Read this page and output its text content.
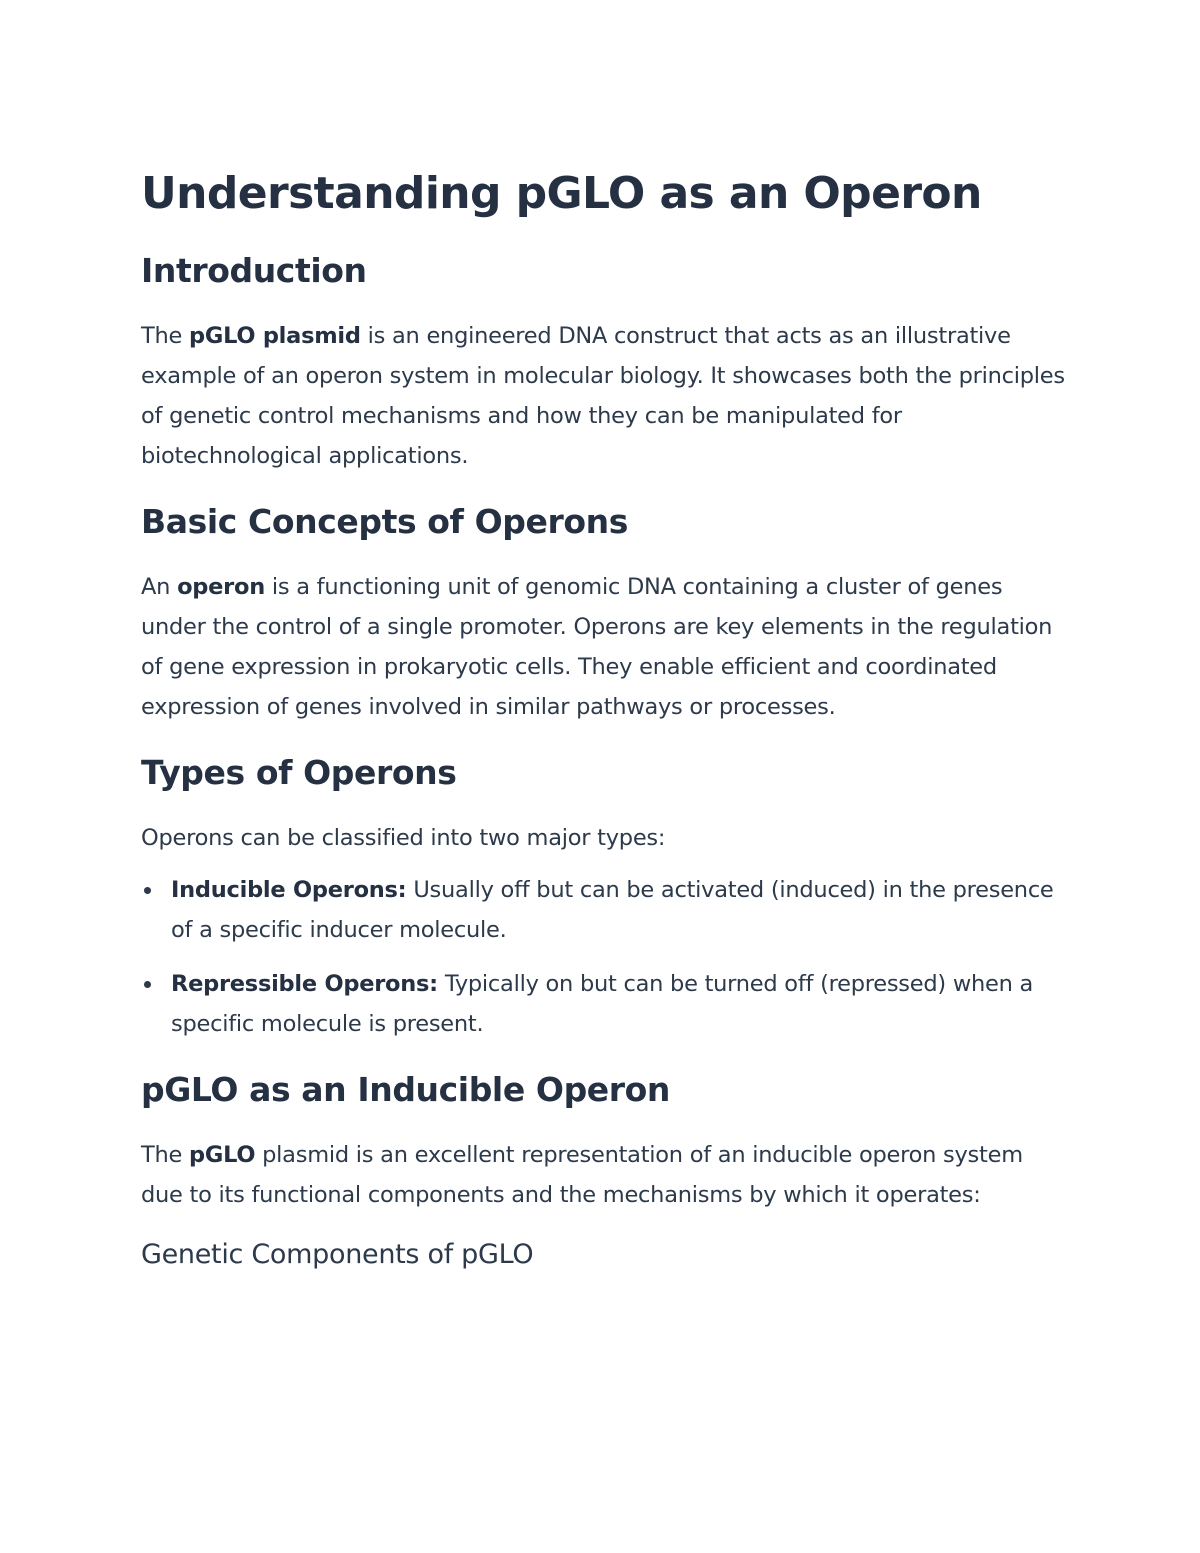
Understanding pGLO as an Operon
Introduction

The pGLO plasmid is an engineered DNA construct that acts as an illustrative example of an operon system in molecular biology. It showcases both the principles of genetic control mechanisms and how they can be manipulated for biotechnological applications.

Basic Concepts of Operons

An operon is a functioning unit of genomic DNA containing a cluster of genes under the control of a single promoter. Operons are key elements in the regulation of gene expression in prokaryotic cells. They enable efficient and coordinated expression of genes involved in similar pathways or processes.

Types of Operons

Operons can be classified into two major types:

Inducible Operons: Usually off but can be activated (induced) in the presence of a specific inducer molecule.
Repressible Operons: Typically on but can be turned off (repressed) when a specific molecule is present.
pGLO as an Inducible Operon

The pGLO plasmid is an excellent representation of an inducible operon system due to its functional components and the mechanisms by which it operates:

Genetic Components of pGLO
